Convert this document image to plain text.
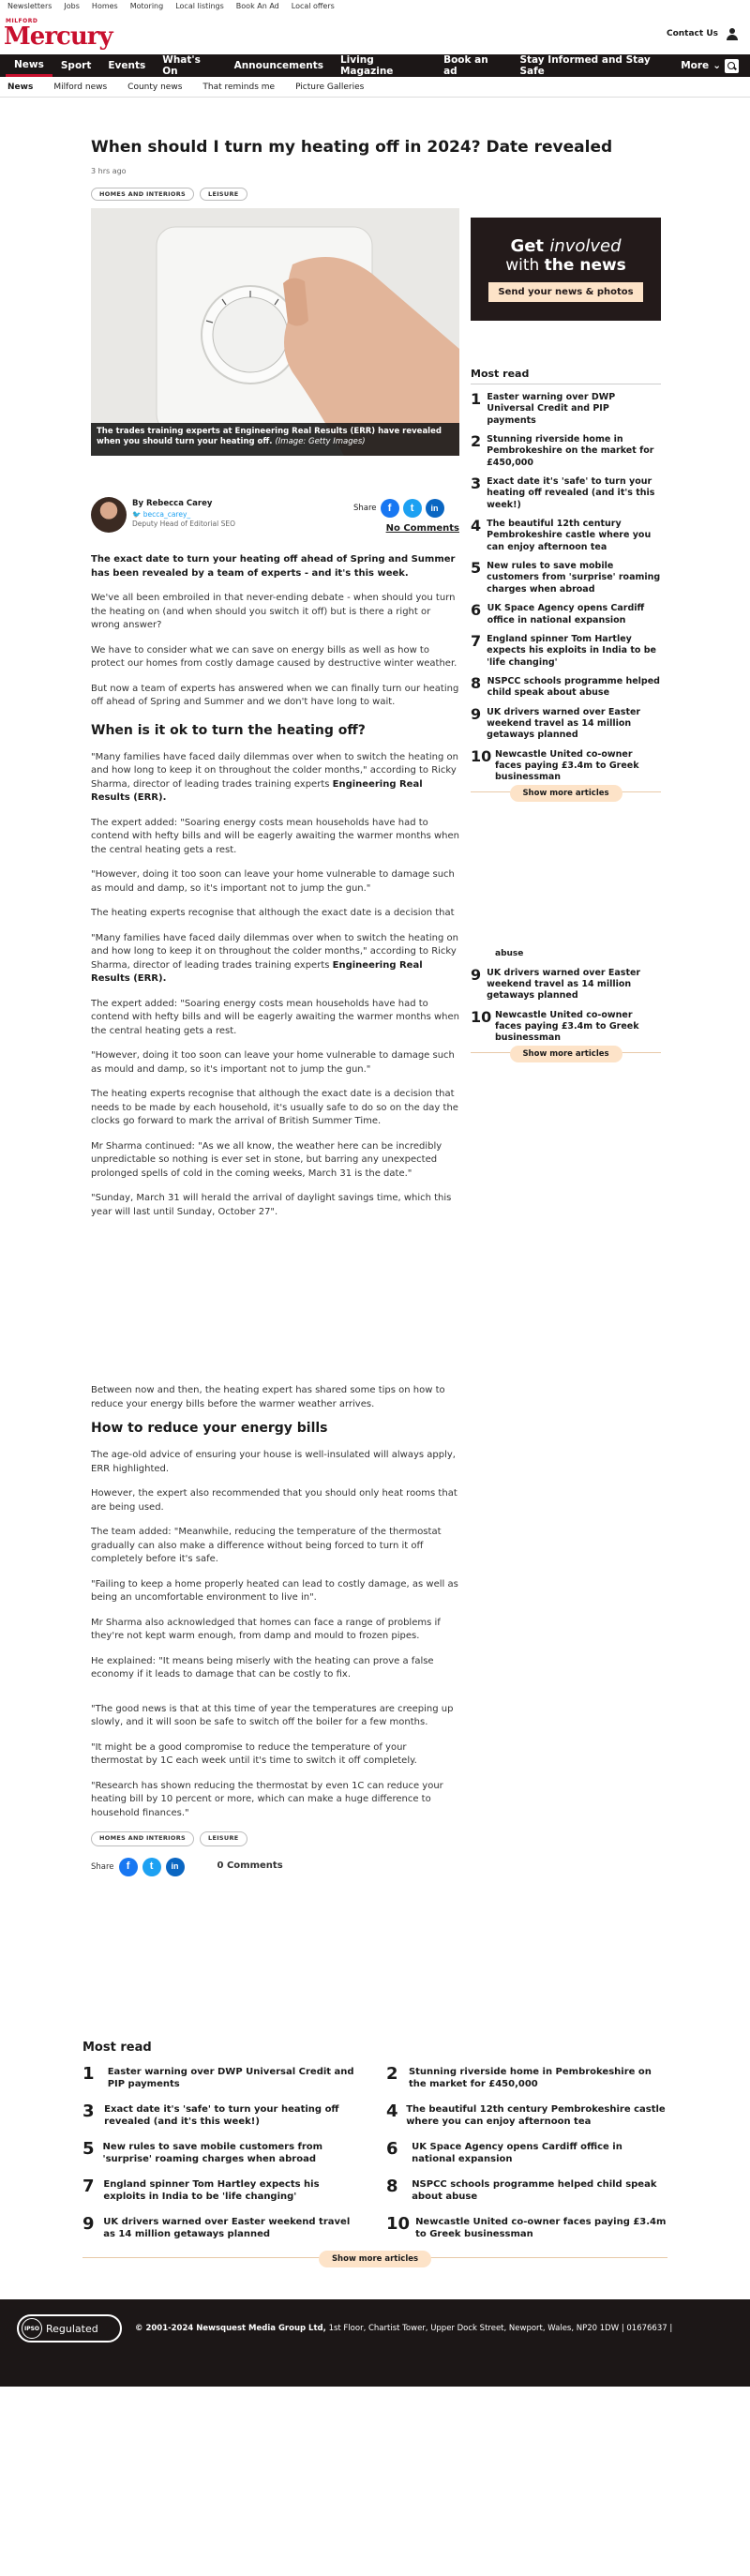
Newsletters Jobs Homes Motoring Local listings Book An Ad Local offers
MILFORD
Mercury	Contact Us
News	Sport	Events	What's On	Announcements	Living Magazine
Book an ad
Stay Informed and Stay Safe	More ⌄
News Milford news County news That reminds me Picture Galleries
When should I turn my heating off in 2024? Date revealed
3 hrs ago
HOMES AND INTERIORS	LEISURE
The trades training experts at Engineering Real Results (ERR) have revealed when you should turn your heating off. (Image: Getty Images)
By Rebecca Carey
🐦 becca_carey_
Deputy Head of Editorial SEO
Share	f	t	in
No Comments

The exact date to turn your heating off ahead of Spring and Summer has been revealed by a team of experts - and it's this week.

We've all been embroiled in that never-ending debate - when should you turn the heating on (and when should you switch it off) but is there a right or wrong answer?

We have to consider what we can save on energy bills as well as how to protect our homes from costly damage caused by destructive winter weather.

But now a team of experts has answered when we can finally turn our heating off ahead of Spring and Summer and we don't have long to wait.

When is it ok to turn the heating off?

"Many families have faced daily dilemmas over when to switch the heating on and how long to keep it on throughout the colder months," according to Ricky Sharma, director of leading trades training experts Engineering Real Results (ERR).

The expert added: "Soaring energy costs mean households have had to contend with hefty bills and will be eagerly awaiting the warmer months when the central heating gets a rest.

"However, doing it too soon can leave your home vulnerable to damage such as mould and damp, so it's important not to jump the gun."

The heating experts recognise that although the exact date is a decision that

"Many families have faced daily dilemmas over when to switch the heating on and how long to keep it on throughout the colder months," according to Ricky Sharma, director of leading trades training experts Engineering Real Results (ERR).

The expert added: "Soaring energy costs mean households have had to contend with hefty bills and will be eagerly awaiting the warmer months when the central heating gets a rest.

"However, doing it too soon can leave your home vulnerable to damage such as mould and damp, so it's important not to jump the gun."

The heating experts recognise that although the exact date is a decision that needs to be made by each household, it's usually safe to do so on the day the clocks go forward to mark the arrival of British Summer Time.

Mr Sharma continued: "As we all know, the weather here can be incredibly unpredictable so nothing is ever set in stone, but barring any unexpected prolonged spells of cold in the coming weeks, March 31 is the date."

"Sunday, March 31 will herald the arrival of daylight savings time, which this year will last until Sunday, October 27".

Between now and then, the heating expert has shared some tips on how to reduce your energy bills before the warmer weather arrives.

How to reduce your energy bills

The age-old advice of ensuring your house is well-insulated will always apply, ERR highlighted.

However, the expert also recommended that you should only heat rooms that are being used.

The team added: "Meanwhile, reducing the temperature of the thermostat gradually can also make a difference without being forced to turn it off completely before it's safe.

"Failing to keep a home properly heated can lead to costly damage, as well as being an uncomfortable environment to live in".

Mr Sharma also acknowledged that homes can face a range of problems if they're not kept warm enough, from damp and mould to frozen pipes.

He explained: "It means being miserly with the heating can prove a false economy if it leads to damage that can be costly to fix.

"The good news is that at this time of year the temperatures are creeping up slowly, and it will soon be safe to switch off the boiler for a few months.

"It might be a good compromise to reduce the temperature of your thermostat by 1C each week until it's time to switch it off completely.

"Research has shown reducing the thermostat by even 1C can reduce your heating bill by 10 percent or more, which can make a huge difference to household finances."

HOMES AND INTERIORS	LEISURE
Share	f	t	in	0 Comments
Get involved
with the news
Send your news & photos
Most read
1 Easter warning over DWP Universal Credit and PIP payments
2 Stunning riverside home in Pembrokeshire on the market for £450,000
3 Exact date it's 'safe' to turn your heating off revealed (and it's this week!)
4 The beautiful 12th century Pembrokeshire castle where you can enjoy afternoon tea
5 New rules to save mobile customers from 'surprise' roaming charges when abroad
6 UK Space Agency opens Cardiff office in national expansion
7 England spinner Tom Hartley expects his exploits in India to be 'life changing'
8 NSPCC schools programme helped child speak about abuse
9 UK drivers warned over Easter weekend travel as 14 million getaways planned
10 Newcastle United co-owner faces paying £3.4m to Greek businessman
Show more articles
abuse
9 UK drivers warned over Easter weekend travel as 14 million getaways planned
10 Newcastle United co-owner faces paying £3.4m to Greek businessman
Show more articles
Most read
1	Easter warning over DWP Universal Credit and PIP payments
2	Stunning riverside home in Pembrokeshire on the market for £450,000
3	Exact date it's 'safe' to turn your heating off revealed (and it's this week!)
4 The beautiful 12th century Pembrokeshire castle where you can enjoy afternoon tea
5 New rules to save mobile customers from 'surprise' roaming charges when abroad
6	UK Space Agency opens Cardiff office in national expansion
7 England spinner Tom Hartley expects his exploits in India to be 'life changing'
8	NSPCC schools programme helped child speak about abuse
9 UK drivers warned over Easter weekend travel as 14 million getaways planned
10 Newcastle United co-owner faces paying £3.4m to Greek businessman
Show more articles
IPSO Regulated	© 2001-2024 Newsquest Media Group Ltd, 1st Floor, Chartist Tower, Upper Dock Street, Newport, Wales, NP20 1DW | 01676637 |
